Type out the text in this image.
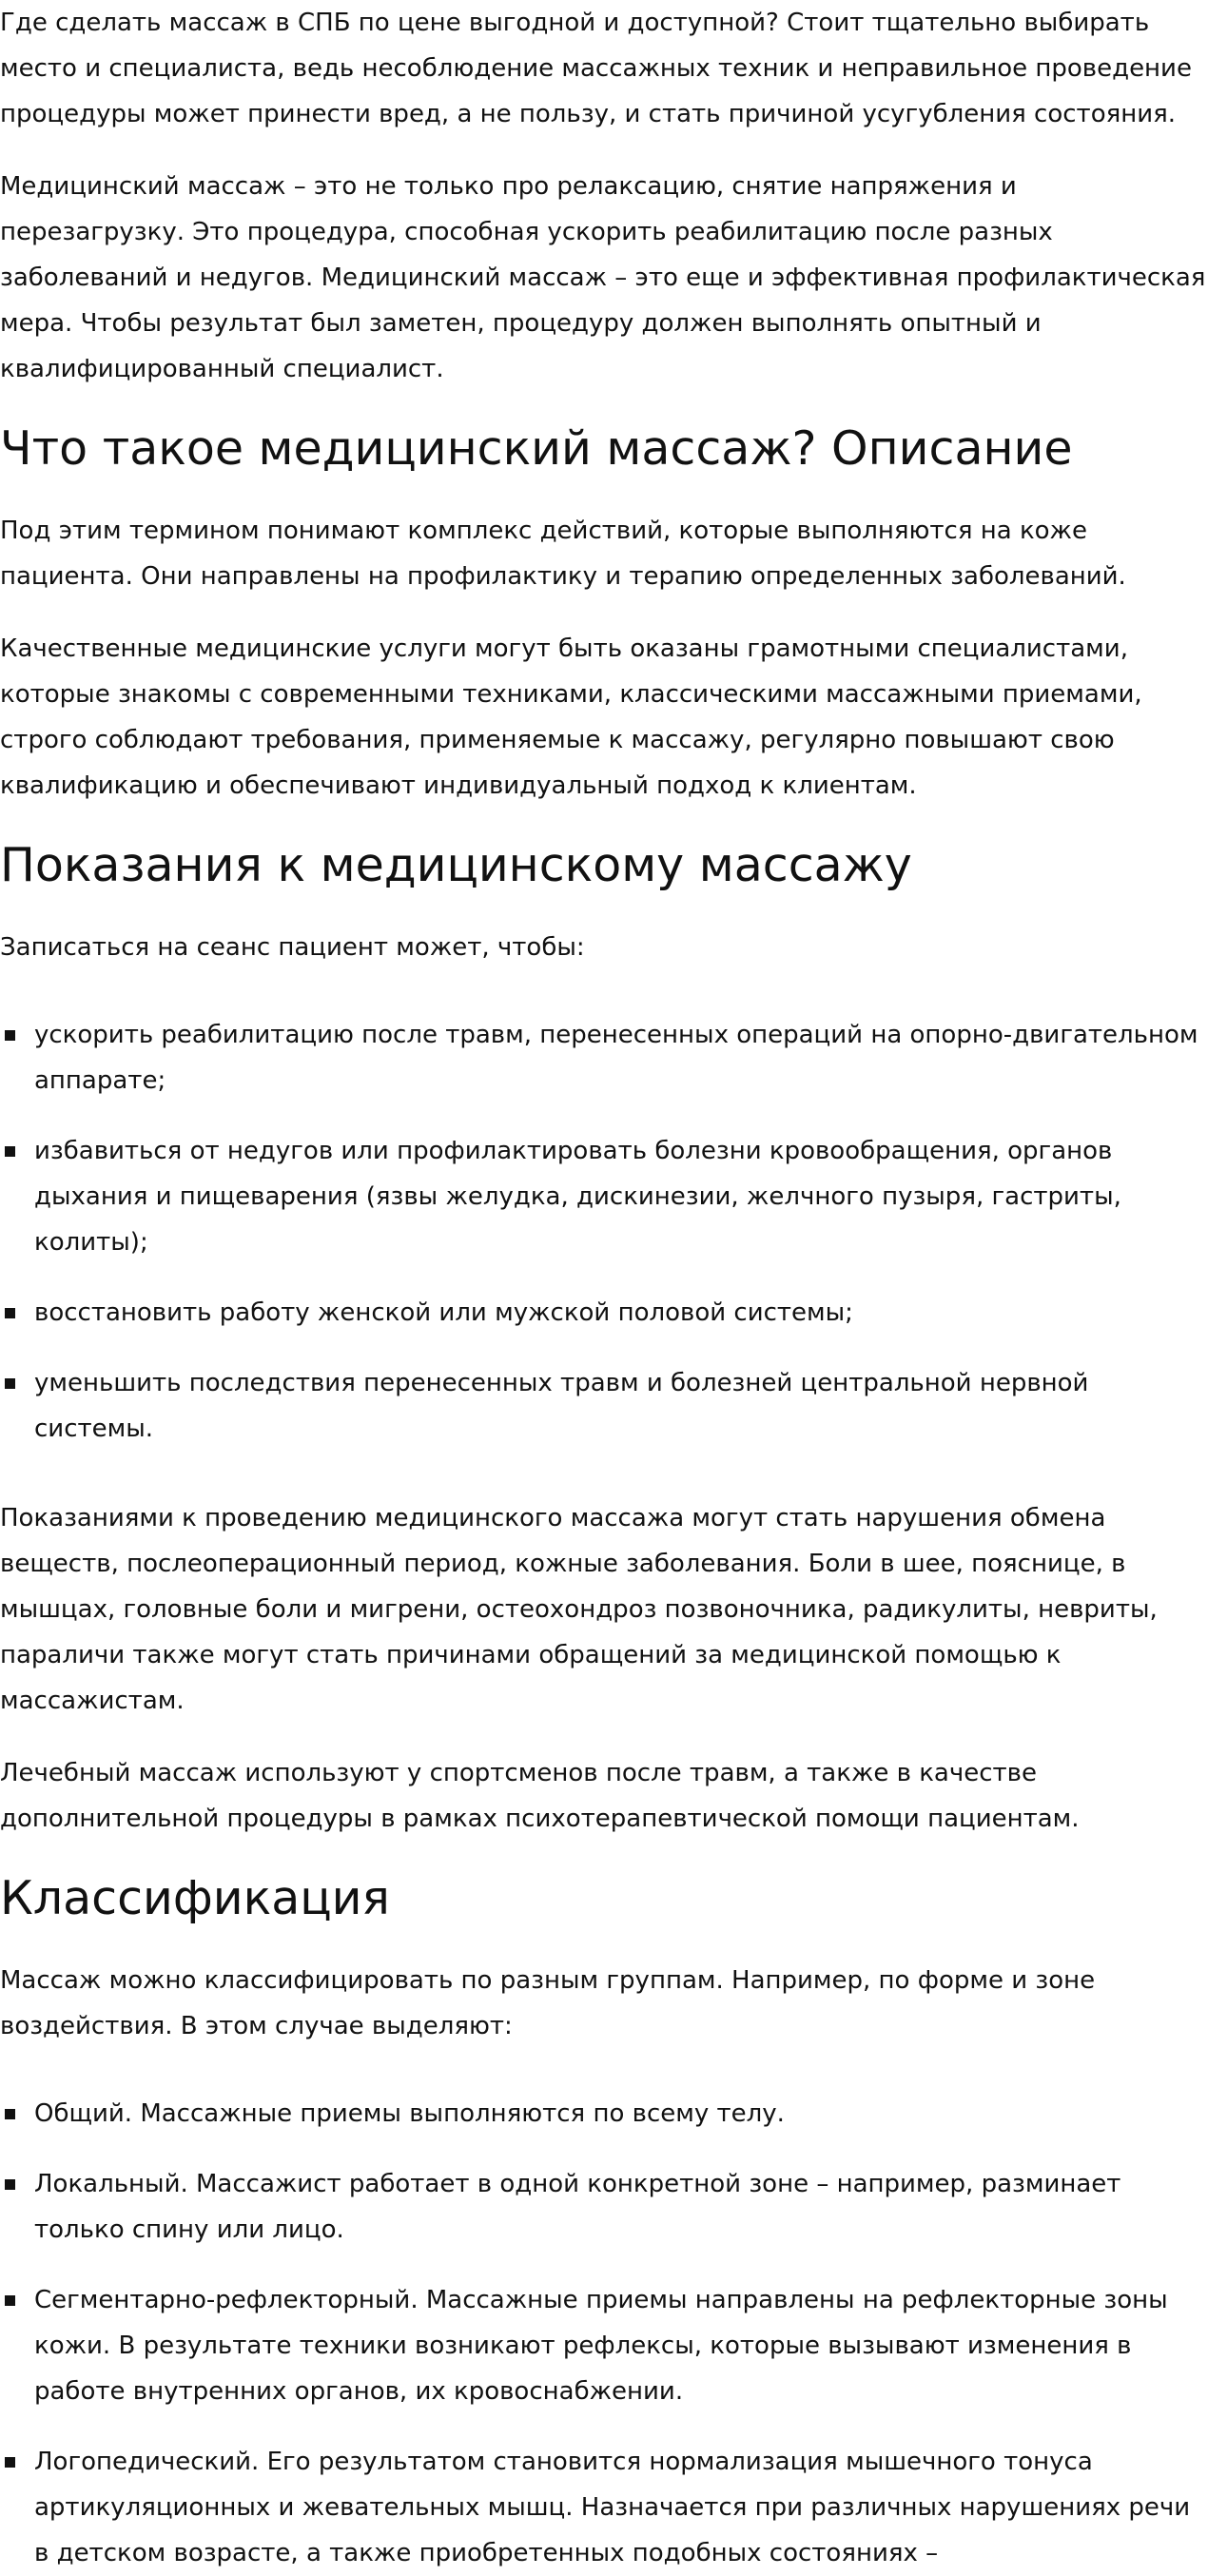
Где сделать массаж в СПБ по цене выгодной и доступной? Стоит тщательно выбирать место и специалиста, ведь несоблюдение массажных техник и неправильное проведение процедуры может принести вред, а не пользу, и стать причиной усугубления состояния.

Медицинский массаж – это не только про релаксацию, снятие напряжения и перезагрузку. Это процедура, способная ускорить реабилитацию после разных заболеваний и недугов. Медицинский массаж – это еще и эффективная профилактическая мера. Чтобы результат был заметен, процедуру должен выполнять опытный и квалифицированный специалист.

Что такое медицинский массаж? Описание

Под этим термином понимают комплекс действий, которые выполняются на коже пациента. Они направлены на профилактику и терапию определенных заболеваний.

Качественные медицинские услуги могут быть оказаны грамотными специалистами, которые знакомы с современными техниками, классическими массажными приемами, строго соблюдают требования, применяемые к массажу, регулярно повышают свою квалификацию и обеспечивают индивидуальный подход к клиентам.

Показания к медицинскому массажу

Записаться на сеанс пациент может, чтобы:

ускорить реабилитацию после травм, перенесенных операций на опорно-двигательном аппарате;
избавиться от недугов или профилактировать болезни кровообращения, органов дыхания и пищеварения (язвы желудка, дискинезии, желчного пузыря, гастриты, колиты);
восстановить работу женской или мужской половой системы;
уменьшить последствия перенесенных травм и болезней центральной нервной системы.

Показаниями к проведению медицинского массажа могут стать нарушения обмена веществ, послеоперационный период, кожные заболевания. Боли в шее, пояснице, в мышцах, головные боли и мигрени, остеохондроз позвоночника, радикулиты, невриты, параличи также могут стать причинами обращений за медицинской помощью к массажистам.

Лечебный массаж используют у спортсменов после травм, а также в качестве дополнительной процедуры в рамках психотерапевтической помощи пациентам.

Классификация

Массаж можно классифицировать по разным группам. Например, по форме и зоне воздействия. В этом случае выделяют:

Общий. Массажные приемы выполняются по всему телу.
Локальный. Массажист работает в одной конкретной зоне – например, разминает только спину или лицо.
Сегментарно-рефлекторный. Массажные приемы направлены на рефлекторные зоны кожи. В результате техники возникают рефлексы, которые вызывают изменения в работе внутренних органов, их кровоснабжении.
Логопедический. Его результатом становится нормализация мышечного тонуса артикуляционных и жевательных мышц. Назначается при различных нарушениях речи в детском возрасте, а также приобретенных подобных состояниях –
